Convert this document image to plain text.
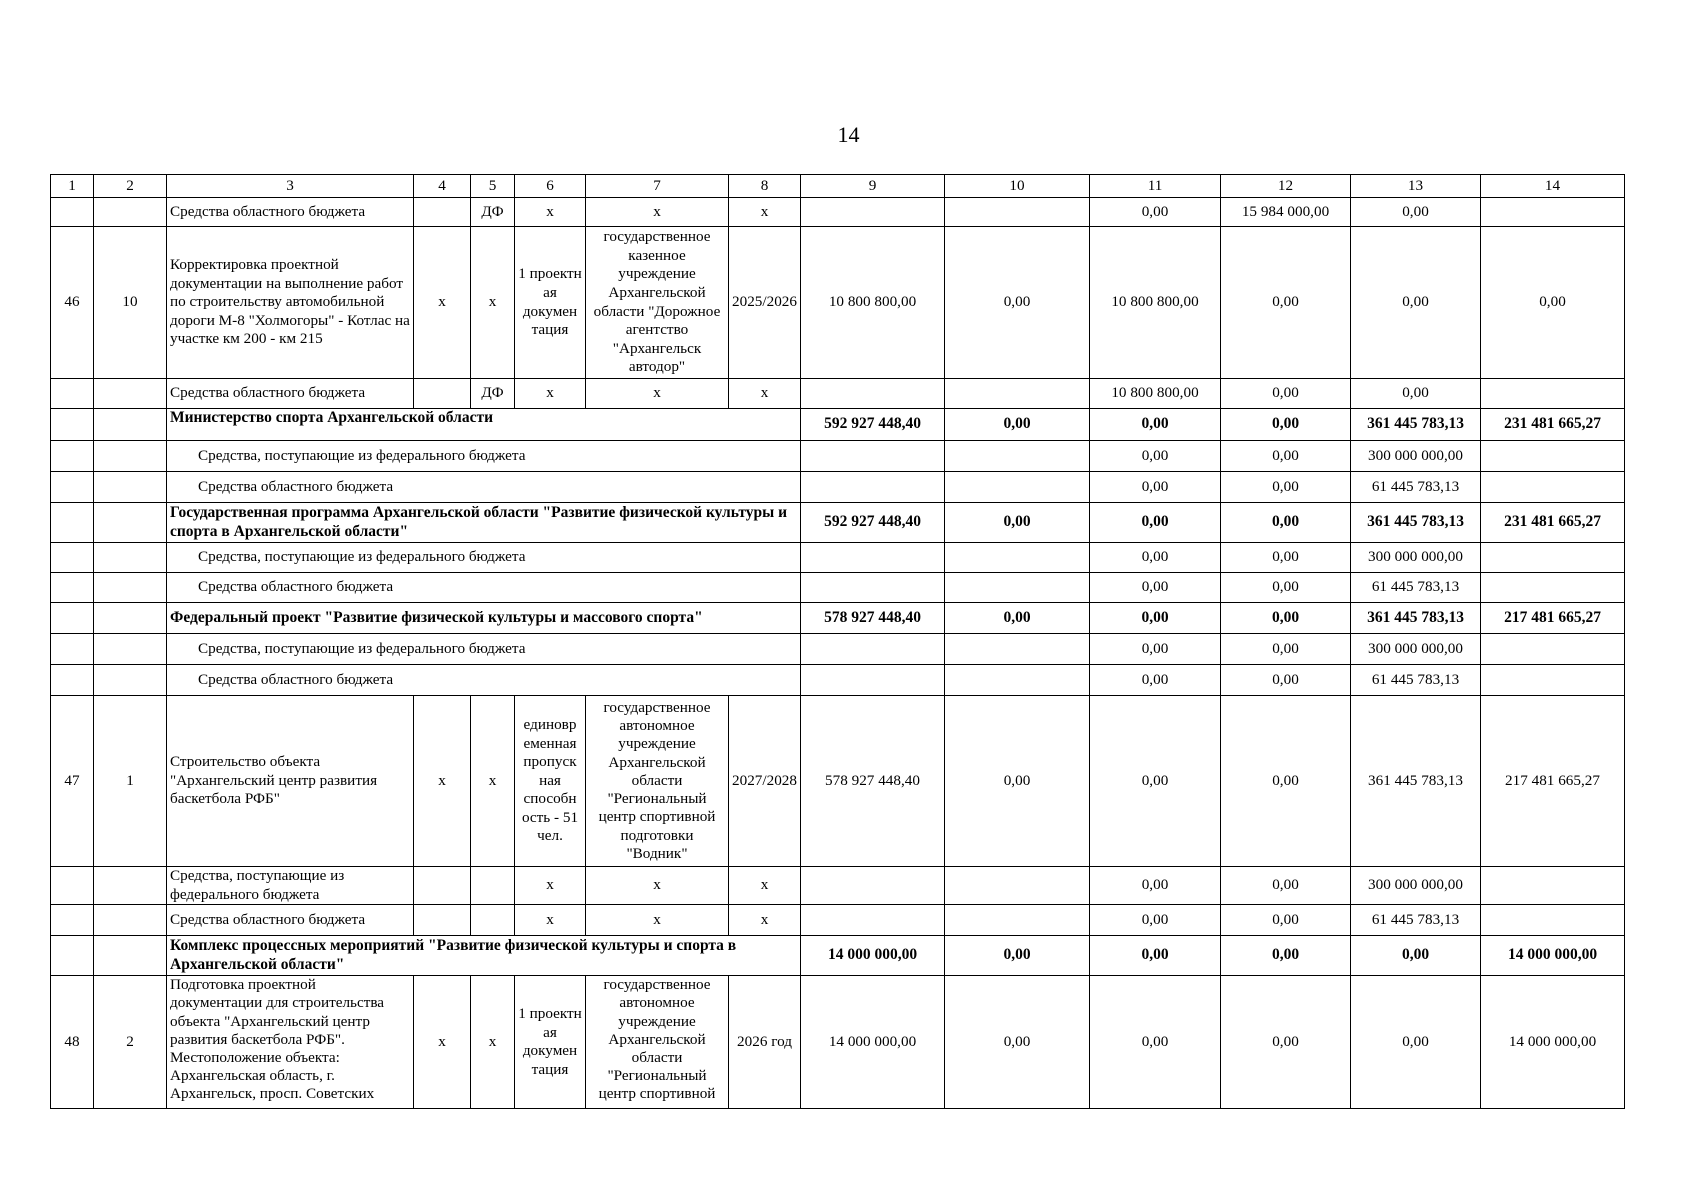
14
1	2	3	4	5	6	7	8	9	10	11	12	13	14
		Средства областного бюджета		ДФ	х	х	х			0,00	15 984 000,00	0,00	
46	10	Корректировка проектной документации на выполнение работ по строительству автомобильной дороги М-8 "Холмогоры" - Котлас на участке км 200 - км 215	х	х	1 проектн ая докумен тация	государственное казенное учреждение Архангельской области "Дорожное агентство "Архангельск автодор"	2025/2026	10 800 800,00	0,00	10 800 800,00	0,00	0,00	0,00
		Средства областного бюджета		ДФ	х	х	х			10 800 800,00	0,00	0,00	
		Министерство спорта Архангельской области						592 927 448,40	0,00	0,00	0,00	361 445 783,13	231 481 665,27
		Средства, поступающие из федерального бюджета								0,00	0,00	300 000 000,00	
		Средства областного бюджета								0,00	0,00	61 445 783,13	
		Государственная программа Архангельской области "Развитие физической культуры и спорта в Архангельской области"						592 927 448,40	0,00	0,00	0,00	361 445 783,13	231 481 665,27
		Средства, поступающие из федерального бюджета								0,00	0,00	300 000 000,00	
		Средства областного бюджета								0,00	0,00	61 445 783,13	
		Федеральный проект "Развитие физической культуры и массового спорта"						578 927 448,40	0,00	0,00	0,00	361 445 783,13	217 481 665,27
		Средства, поступающие из федерального бюджета								0,00	0,00	300 000 000,00	
		Средства областного бюджета								0,00	0,00	61 445 783,13	
47	1	Строительство объекта "Архангельский центр развития баскетбола РФБ"	х	х	единовр еменная пропуск ная способн ость - 51 чел.	государственное автономное учреждение Архангельской области "Региональный центр спортивной подготовки "Водник"	2027/2028	578 927 448,40	0,00	0,00	0,00	361 445 783,13	217 481 665,27
		Средства, поступающие из федерального бюджета			х	х	х			0,00	0,00	300 000 000,00	
		Средства областного бюджета			х	х	х			0,00	0,00	61 445 783,13	
		Комплекс процессных мероприятий "Развитие физической культуры и спорта в Архангельской области"						14 000 000,00	0,00	0,00	0,00	0,00	14 000 000,00
48	2	Подготовка проектной документации для строительства объекта "Архангельский центр развития баскетбола РФБ". Местоположение объекта: Архангельская область, г. Архангельск, просп. Советских	х	х	1 проектн ая докумен тация	государственное автономное учреждение Архангельской области "Региональный центр спортивной	2026 год	14 000 000,00	0,00	0,00	0,00	0,00	14 000 000,00
